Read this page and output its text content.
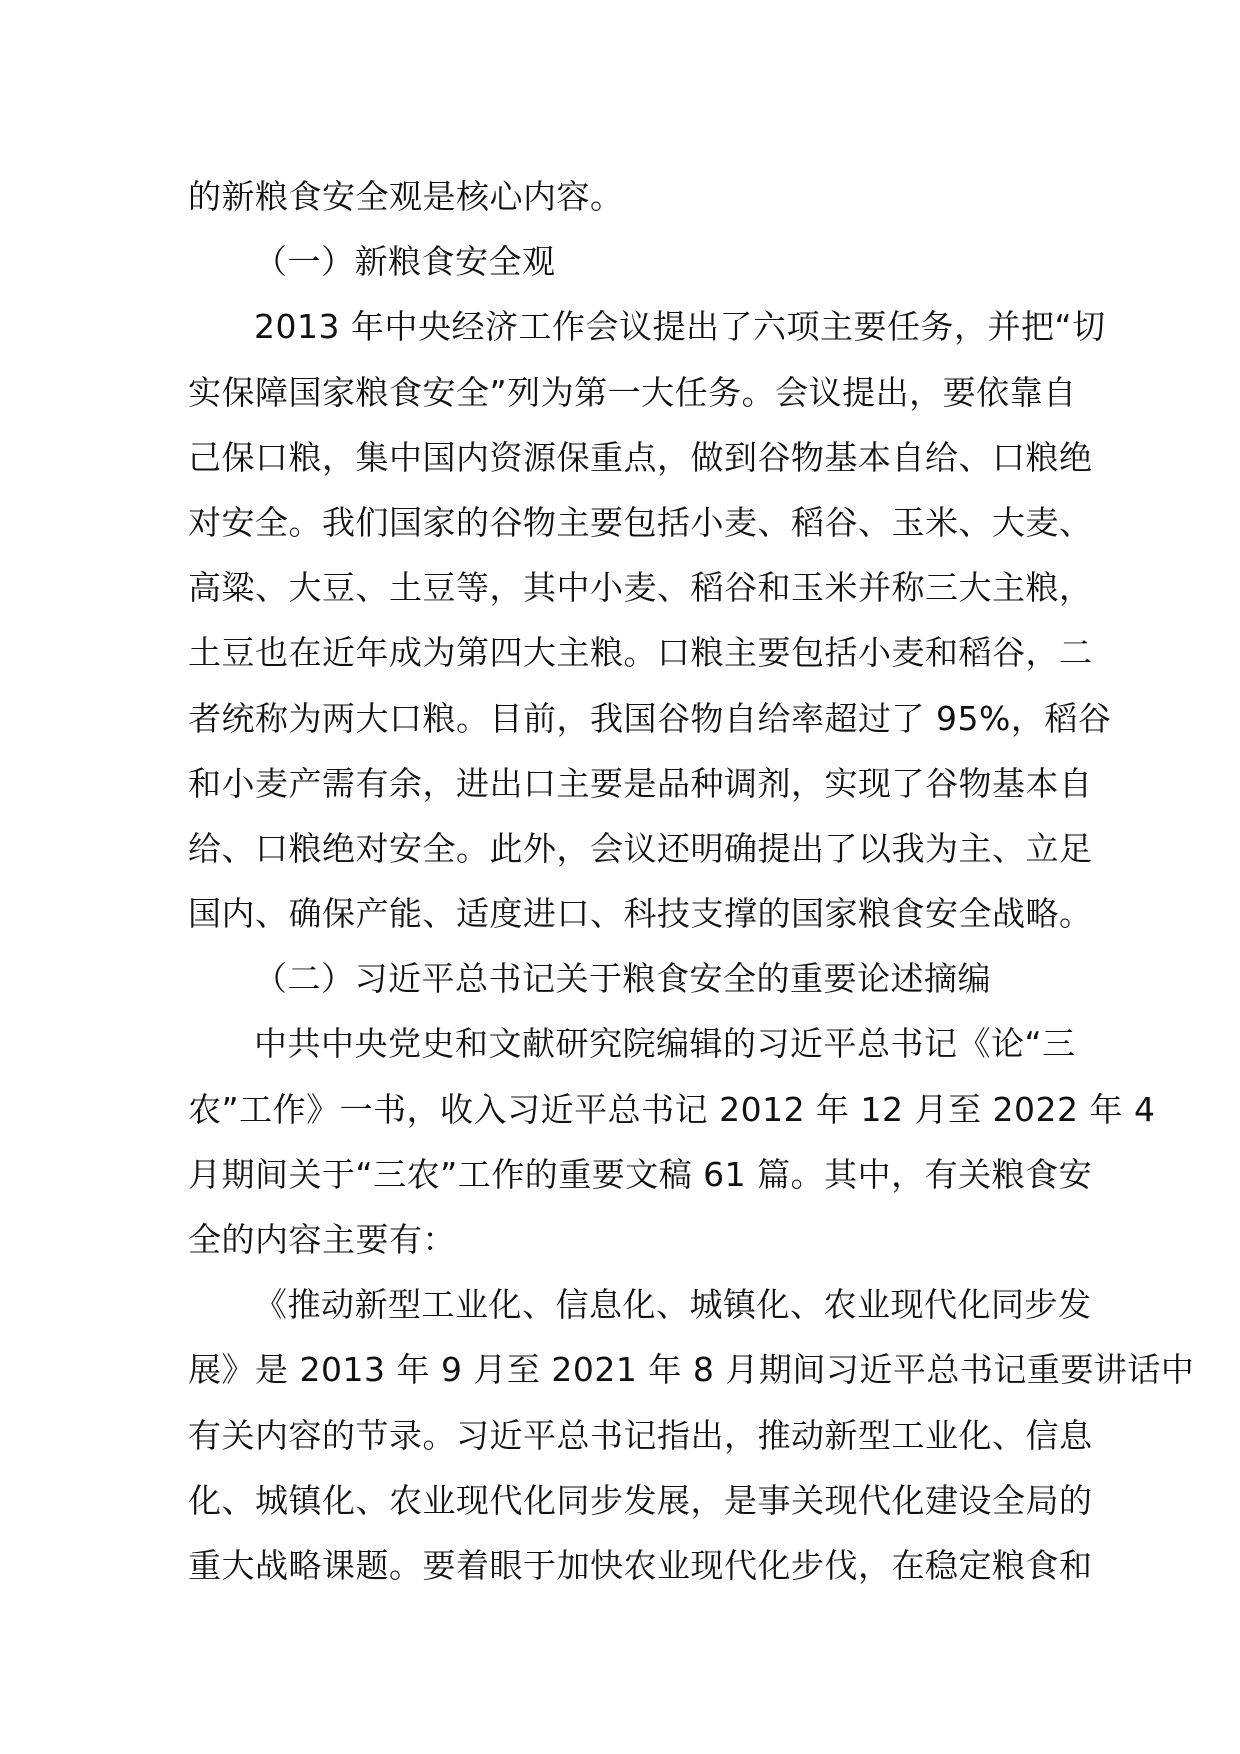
的新粮食安全观是核心内容。
（一）新粮食安全观
2013 年中央经济工作会议提出了六项主要任务，并把“切
实保障国家粮食安全”列为第一大任务。会议提出，要依靠自
己保口粮，集中国内资源保重点，做到谷物基本自给、口粮绝
对安全。我们国家的谷物主要包括小麦、稻谷、玉米、大麦、
高粱、大豆、土豆等，其中小麦、稻谷和玉米并称三大主粮，
土豆也在近年成为第四大主粮。口粮主要包括小麦和稻谷，二
者统称为两大口粮。目前，我国谷物自给率超过了 95%，稻谷
和小麦产需有余，进出口主要是品种调剂，实现了谷物基本自
给、口粮绝对安全。此外，会议还明确提出了以我为主、立足
国内、确保产能、适度进口、科技支撑的国家粮食安全战略。
（二）习近平总书记关于粮食安全的重要论述摘编
中共中央党史和文献研究院编辑的习近平总书记《论“三
农”工作》一书，收入习近平总书记 2012 年 12 月至 2022 年 4
月期间关于“三农”工作的重要文稿 61 篇。其中，有关粮食安
全的内容主要有：
《推动新型工业化、信息化、城镇化、农业现代化同步发
展》是 2013 年 9 月至 2021 年 8 月期间习近平总书记重要讲话中
有关内容的节录。习近平总书记指出，推动新型工业化、信息
化、城镇化、农业现代化同步发展，是事关现代化建设全局的
重大战略课题。要着眼于加快农业现代化步伐，在稳定粮食和
